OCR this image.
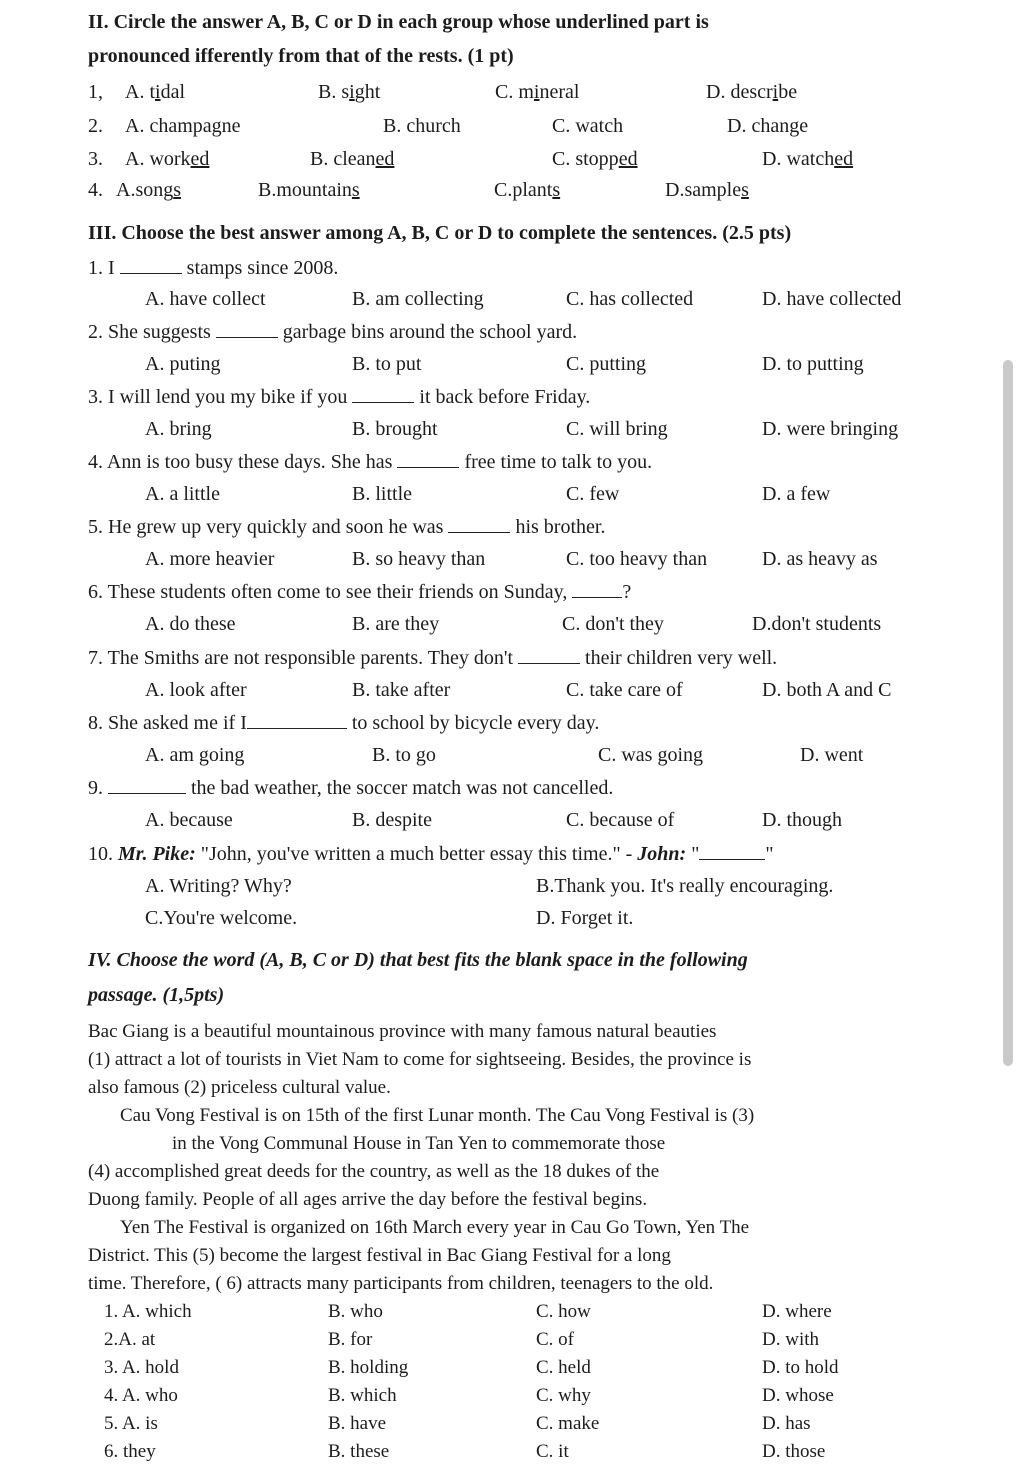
II. Circle the answer A, B, C or D in each group whose underlined part is
pronounced ifferently from that of the rests. (1 pt)
1, A. tidal	B. sight	C. mineral	D. describe
2. A. champagne	B. church	C. watch	D. change
3. A. worked	B. cleaned	C. stopped	D. watched
4. A.songs	B.mountains	C.plants	D.samples
III. Choose the best answer among A, B, C or D to complete the sentences. (2.5 pts)
1. I	stamps since 2008.
A. have collect	B. am collecting	C. has collected	D. have collected
2. She suggests	garbage bins around the school yard.
A. puting	B. to put	C. putting	D. to putting
3. I will lend you my bike if you	it back before Friday.
A. bring	B. brought	C. will bring	D. were bringing
4. Ann is too busy these days. She has	free time to talk to you.
A. a little	B. little	C. few	D. a few
5. He grew up very quickly and soon he was	his brother.
A. more heavier	B. so heavy than	C. too heavy than	D. as heavy as
6. These students often come to see their friends on Sunday,	?
A. do these	B. are they	C. don't they	D.don't students
7. The Smiths are not responsible parents. They don't	their children very well.
A. look after	B. take after	C. take care of	D. both A and C
8. She asked me if I	to school by bicycle every day.
A. am going	B. to go	C. was going	D. went
9.	the bad weather, the soccer match was not cancelled.
A. because	B. despite	C. because of	D. though
10. Mr. Pike: "John, you've written a much better essay this time." - John: "	"
A. Writing? Why?	B.Thank you. It's really encouraging.
C.You're welcome.	D. Forget it.
IV. Choose the word (A, B, C or D) that best fits the blank space in the following
passage. (1,5pts)
Bac Giang is a beautiful mountainous province with many famous natural beauties
(1) attract a lot of tourists in Viet Nam to come for sightseeing. Besides, the province is
also famous (2) priceless cultural value.
Cau Vong Festival is on 15th of the first Lunar month. The Cau Vong Festival is (3)
in the Vong Communal House in Tan Yen to commemorate those
(4) accomplished great deeds for the country, as well as the 18 dukes of the
Duong family. People of all ages arrive the day before the festival begins.
Yen The Festival is organized on 16th March every year in Cau Go Town, Yen The
District. This (5) become the largest festival in Bac Giang Festival for a long
time. Therefore, ( 6) attracts many participants from children, teenagers to the old.
1. A. which	B. who	C. how	D. where
2.A. at	B. for	C. of	D. with
3. A. hold	B. holding	C. held	D. to hold
4. A. who	B. which	C. why	D. whose
5. A. is	B. have	C. make	D. has
6. they	B. these	C. it	D. those
